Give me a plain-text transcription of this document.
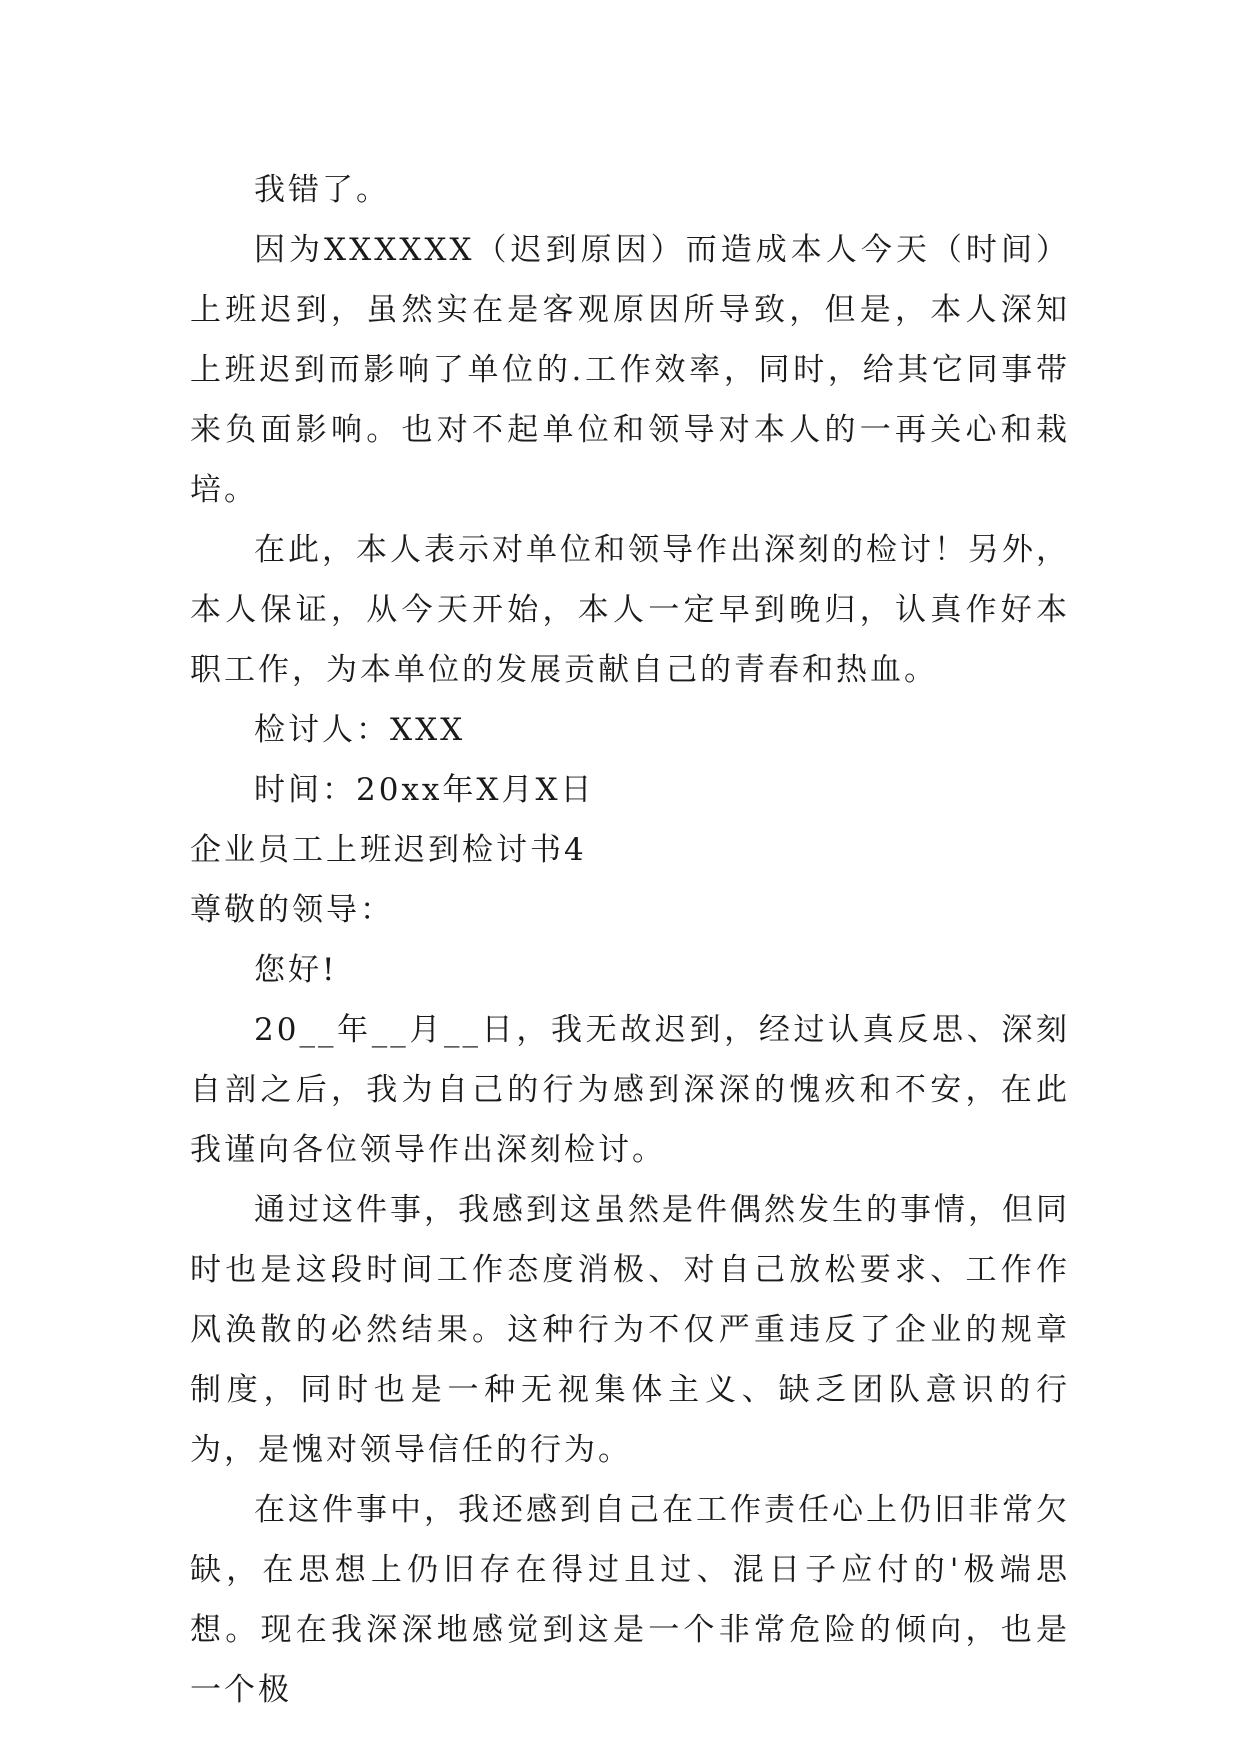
我错了。

因为XXXXXX（迟到原因）而造成本人今天（时间）上班迟到，虽然实在是客观原因所导致，但是，本人深知上班迟到而影响了单位的.工作效率，同时，给其它同事带来负面影响。也对不起单位和领导对本人的一再关心和栽培。

在此，本人表示对单位和领导作出深刻的检讨！另外，本人保证，从今天开始，本人一定早到晚归，认真作好本职工作，为本单位的发展贡献自己的青春和热血。

检讨人：XXX

时间：20xx年X月X日

企业员工上班迟到检讨书4

尊敬的领导：

您好!

20__年__月__日，我无故迟到，经过认真反思、深刻自剖之后，我为自己的行为感到深深的愧疚和不安，在此我谨向各位领导作出深刻检讨。

通过这件事，我感到这虽然是件偶然发生的事情，但同时也是这段时间工作态度消极、对自己放松要求、工作作风涣散的必然结果。这种行为不仅严重违反了企业的规章制度，同时也是一种无视集体主义、缺乏团队意识的行为，是愧对领导信任的行为。

在这件事中，我还感到自己在工作责任心上仍旧非常欠缺，在思想上仍旧存在得过且过、混日子应付的'极端思想。现在我深深地感觉到这是一个非常危险的倾向，也是一个极
